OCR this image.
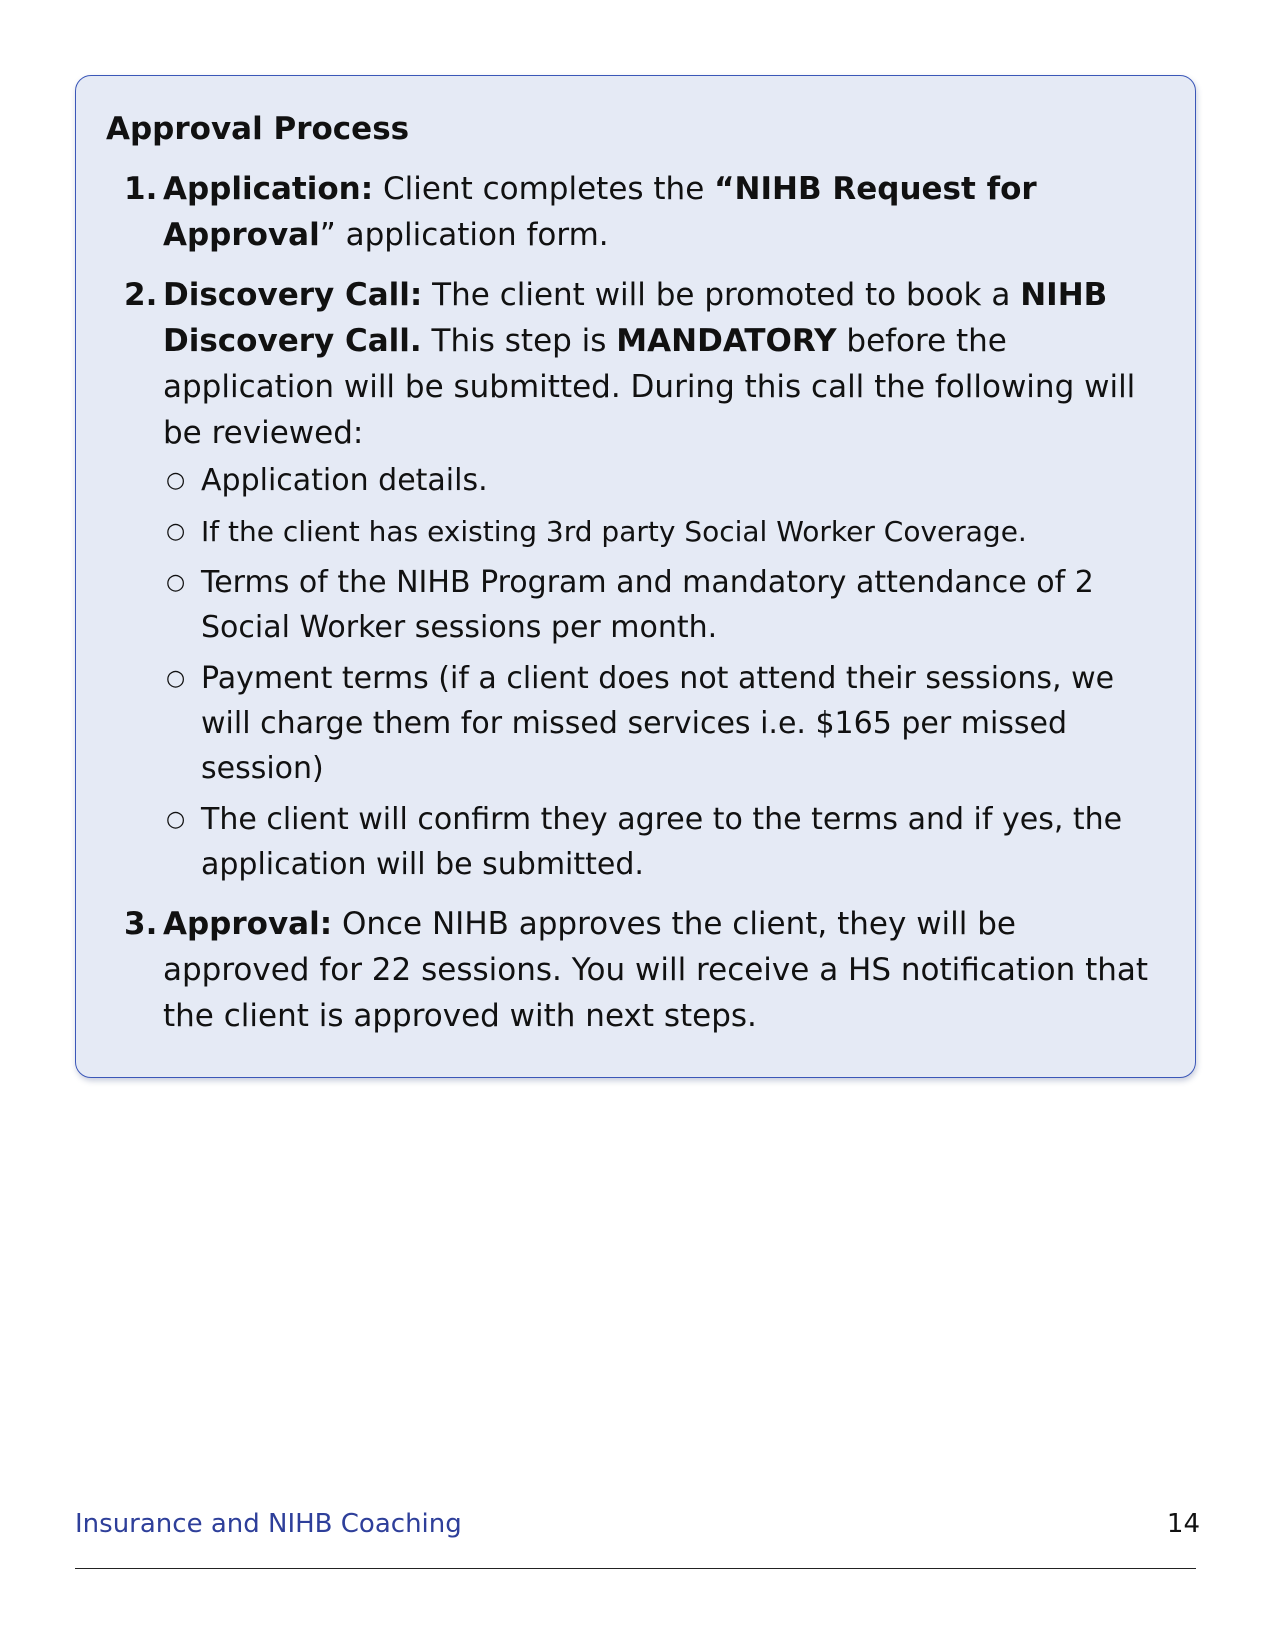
Approval Process
1. Application: Client completes the “NIHB Request for Approval” application form.
2. Discovery Call: The client will be promoted to book a NIHB Discovery Call. This step is MANDATORY before the application will be submitted. During this call the following will be reviewed:
○ Application details.
○ If the client has existing 3rd party Social Worker Coverage.
○ Terms of the NIHB Program and mandatory attendance of 2 Social Worker sessions per month.
○ Payment terms (if a client does not attend their sessions, we will charge them for missed services i.e. $165 per missed session)
○ The client will confirm they agree to the terms and if yes, the application will be submitted.
3. Approval: Once NIHB approves the client, they will be approved for 22 sessions. You will receive a HS notification that the client is approved with next steps.
Insurance and NIHB Coaching	14
